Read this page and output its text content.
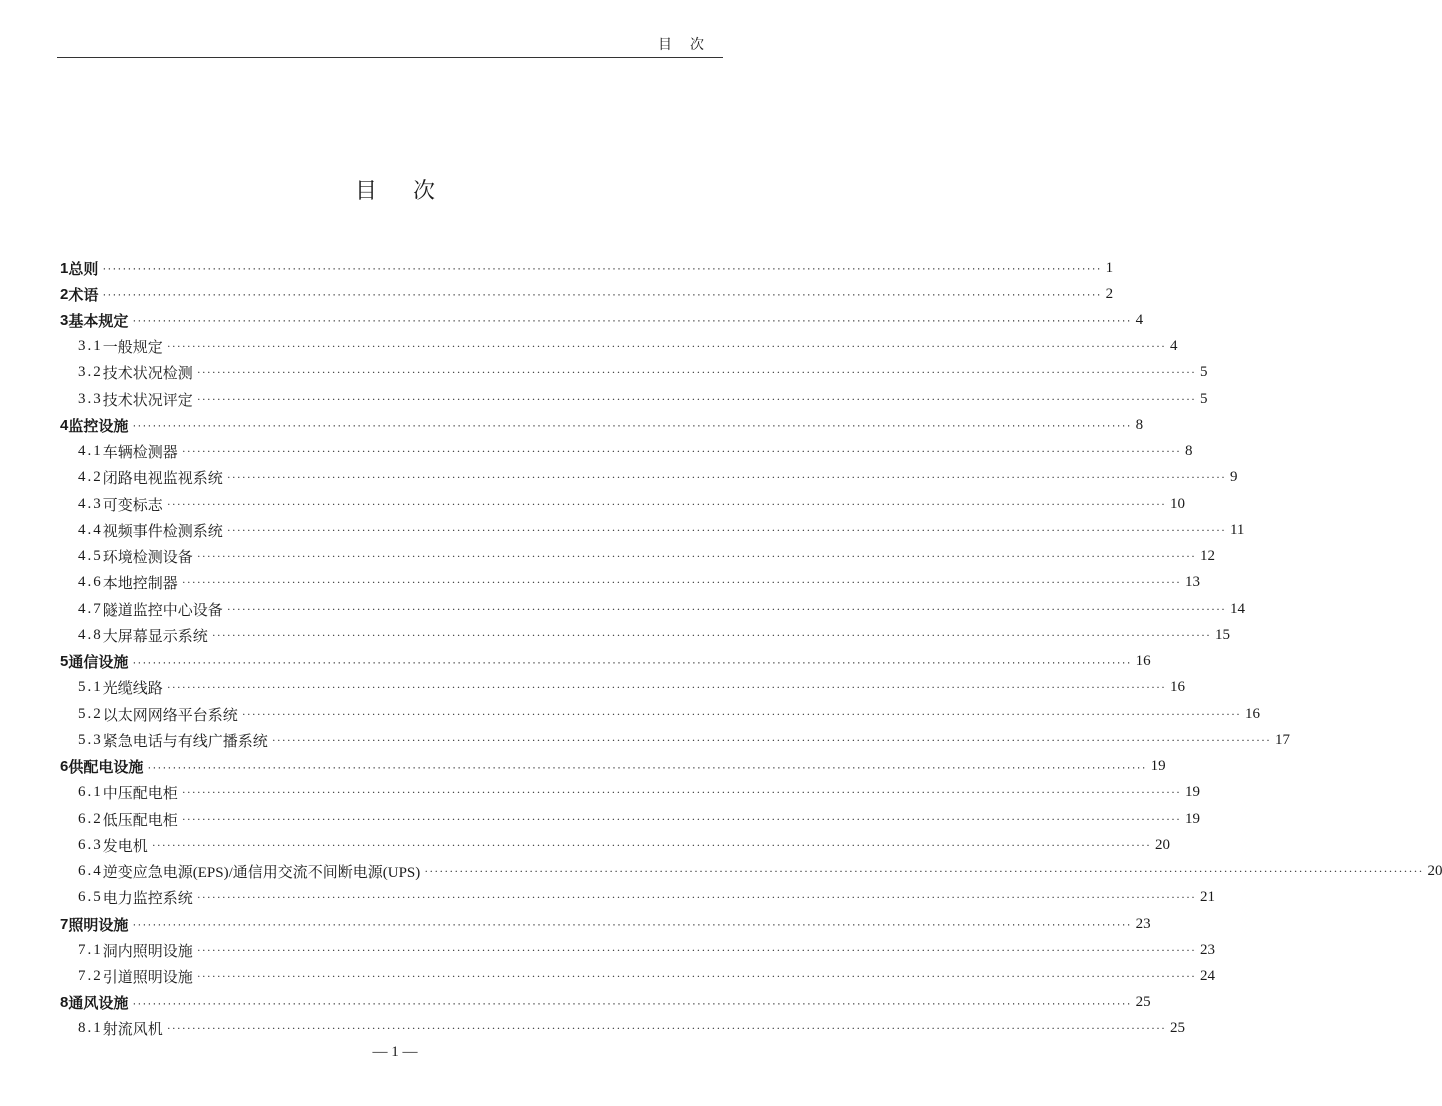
目次
目次
1 总则 ········································································································································································································ 1
2 术语 ········································································································································································································ 2
3 基本规定 ········································································································································································································ 4
3.1 一般规定 ········································································································································································································ 4
3.2 技术状况检测 ········································································································································································································ 5
3.3 技术状况评定 ········································································································································································································ 5
4 监控设施 ········································································································································································································ 8
4.1 车辆检测器 ········································································································································································································ 8
4.2 闭路电视监视系统 ········································································································································································································ 9
4.3 可变标志 ········································································································································································································ 10
4.4 视频事件检测系统 ········································································································································································································ 11
4.5 环境检测设备 ········································································································································································································ 12
4.6 本地控制器 ········································································································································································································ 13
4.7 隧道监控中心设备 ········································································································································································································ 14
4.8 大屏幕显示系统 ········································································································································································································ 15
5 通信设施 ········································································································································································································ 16
5.1 光缆线路 ········································································································································································································ 16
5.2 以太网网络平台系统 ········································································································································································································ 16
5.3 紧急电话与有线广播系统 ········································································································································································································ 17
6 供配电设施 ········································································································································································································ 19
6.1 中压配电柜 ········································································································································································································ 19
6.2 低压配电柜 ········································································································································································································ 19
6.3 发电机 ········································································································································································································ 20
6.4 逆变应急电源(EPS)/通信用交流不间断电源(UPS) ········································································································································································································ 20
6.5 电力监控系统 ········································································································································································································ 21
7 照明设施 ········································································································································································································ 23
7.1 洞内照明设施 ········································································································································································································ 23
7.2 引道照明设施 ········································································································································································································ 24
8 通风设施 ········································································································································································································ 25
8.1 射流风机 ········································································································································································································ 25
— 1 —
